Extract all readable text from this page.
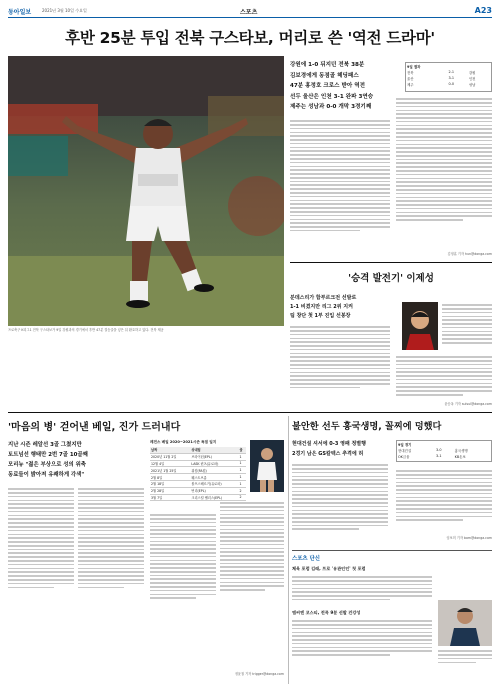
동아일보	2021년 3월 10일 수요일	스포츠	A23
후반 25분 투입 전북 구스타보, 머리로 쓴 '역전 드라마'
프로축구 K리그1 전북 구스타보가 9일 강원과의 경기에서 후반 47분 결승골을 넣은 뒤 환호하고 있다. 전북 제공
강원에 1-0 뒤지던 전북 38분
김보경에게 동점골 헤딩패스
47분 홍정호 크로스 받아 역전
선두 울산은 인천 3-1 완파 3연승
제주는 성남과 0-0 개막 3경기째
9일 결과		
전북	2-1	강원
울산	3-1	인천
제주	0-0	성남
김정훈 기자 hun@donga.com
'승격 발전기' 이제성
분데스리가 함부르크전 선발로
1-1 비겼지만 리그 2위 지켜
팀 창단 첫 1부 진입 선봉장
윤승옥 기자 sulsul@donga.com
'마음의 병' 걷어낸 베일, 진가 드러내다
지난 시즌 레알선 3골 그쳤지만
토트넘선 행태만 2번 7골 10골째
모리뉴 "젊은 부상으로 성의 위축
동료들이 밝아져 유쾌하게 각색"
레전스 베일 2020~2021시즌 득점 일지
날짜	상대팀	골
2020년 11월 2일	브라이턴(EPL)	1
12월 4일	LASK 린츠(유로파)	1
2021년 1월 25일	위컴(FA컵)	1
2월 8일	웨스트브롬	1
2월 18일	볼프스베르거(유로파)	1
2월 28일	번리(EPL)	2
3월 7일	크리스털 팰리스(EPL)	2
정윤철 기자 trigger@donga.com
불안한 선두 홍국생명, 꼴찌에 덩했다
현대건설 셔서에 0-3 영패 정별행
2경기 남은 GS칼텍스 추격에 허
9일 경기		
현대건설	3-0	홍국생명
OK금융	3-1	KB손보
임보미 기자 bom@donga.com
스포츠 단신
체육 포럼 김래, 프로 '유관인인' 첫 포럼
엠씨엔 코스티, 전목 9분 선발 건강성
